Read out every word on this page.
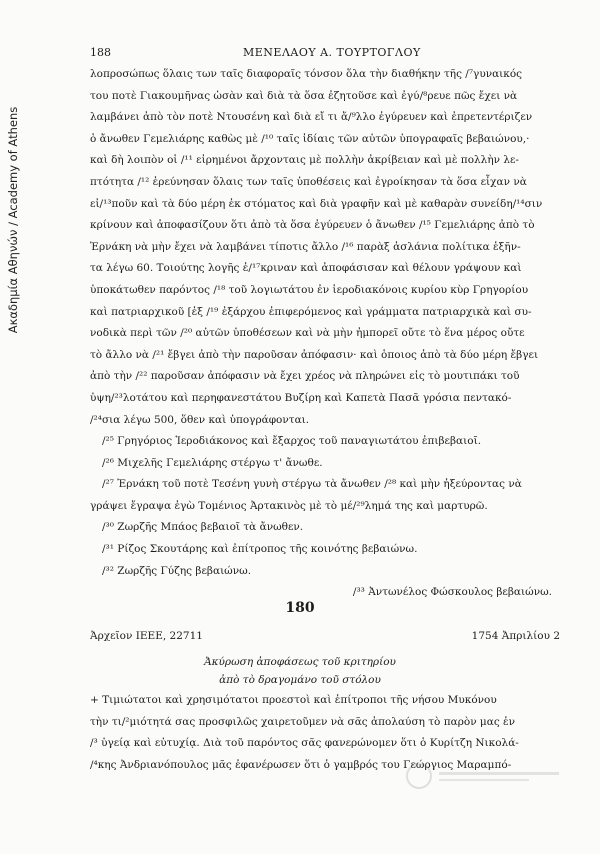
Ακαδημία Αθηνών / Academy of Athens
188	ΜΕΝΕΛΑΟΥ Α. ΤΟΥΡΤΟΓΛΟΥ
λοπροσώπως ὅλαις των ταῖς διαφοραῖς τόνσον ὅλα τὴν διαθήκην τῆς /⁷γυναικός
του ποτὲ Γιακουμῆνας ὡσὰν καὶ διὰ τὰ ὅσα ἐζητοῦσε καὶ ἐγύ/⁸ρευε πῶς ἔχει νὰ
λαμβάνει ἀπὸ τὸν ποτὲ Ντουσένη καὶ διὰ εἴ τι ἄ/⁹λλο ἐγύρευεν καὶ ἐπρετεντέριζεν
ὁ ἄνωθεν Γεμελιάρης καθὼς μὲ /¹⁰ ταῖς ἰδίαις τῶν αὐτῶν ὑπογραφαῖς βεβαιώνου,·
καὶ δὴ λοιπὸν οἱ /¹¹ εἰρημένοι ἄρχονταις μὲ πολλὴν ἀκρίβειαν καὶ μὲ πολλὴν λε-
πτότητα /¹² ἐρεύνησαν ὅλαις των ταῖς ὑποθέσεις καὶ ἐγροίκησαν τὰ ὅσα εἶχαν νὰ
εἰ/¹³ποῦν καὶ τὰ δύο μέρη ἐκ στόματος καὶ διὰ γραφῆν καὶ μὲ καθαρὰν συνείδη/¹⁴σιν
κρίνουν καὶ ἀποφασίζουν ὅτι ἀπὸ τὰ ὅσα ἐγύρευεν ὁ ἄνωθεν /¹⁵ Γεμελιάρης ἀπὸ τὸ
Ἐρνάκη νὰ μὴν ἔχει νὰ λαμβάνει τίποτις ἄλλο /¹⁶ παρὰξ ἀσλάνια πολίτικα ἑξῆν-
τα λέγω 60. Τοιούτης λογῆς ἐ/¹⁷κριναν καὶ ἀποφάσισαν καὶ θέλουν γράψουν καὶ
ὑποκάτωθεν παρόντος /¹⁸ τοῦ λογιωτάτου ἐν ἱεροδιακόνοις κυρίου κὺρ Γρηγορίου
καὶ πατριαρχικοῦ [ἐξ /¹⁹ ἐξάρχου ἐπιφερόμενος καὶ γράμματα πατριαρχικὰ καὶ συ-
νοδικὰ περὶ τῶν /²⁰ αὐτῶν ὑποθέσεων καὶ νὰ μὴν ἠμπορεῖ οὔτε τὸ ἕνα μέρος οὔτε
τὸ ἄλλο νὰ /²¹ ἔβγει ἀπὸ τὴν παροῦσαν ἀπόφασιν· καὶ ὁποιος ἀπὸ τὰ δύο μέρη ἔβγει
ἀπὸ τὴν /²² παροῦσαν ἀπόφασιν νὰ ἔχει χρέος νὰ πληρώνει εἰς τὸ μουτιπάκι τοῦ
ὑψη/²³λοτάτου καὶ περηφανεστάτου Βυζίρη καὶ Καπετὰ Πασᾶ γρόσια πεντακό-
/²⁴σια λέγω 500, ὅθεν καὶ ὑπογράφονται.
/²⁵ Γρηγόριος Ἱεροδιάκονος καὶ ἔξαρχος τοῦ παναγιωτάτου ἐπιβεβαιοῖ.
/²⁶ Μιχελῆς Γεμελιάρης στέργω τ' ἄνωθε.
/²⁷ Ἐρνάκη τοῦ ποτὲ Τεσένη γυνὴ στέργω τὰ ἄνωθεν /²⁸ καὶ μὴν ἠξεύροντας νὰ
γράψει ἔγραψα ἐγὼ Τομένιος Ἀρτακινὸς μὲ τὸ μέ/²⁹λημά της καὶ μαρτυρῶ.
/³⁰ Ζωρζῆς Μπάος βεβαιοῖ τὰ ἄνωθεν.
/³¹ Ρίζος Σκουτάρης καὶ ἐπίτροπος τῆς κοινότης βεβαιώνω.
/³² Ζωρζῆς Γύζης βεβαιώνω.
/³³ Ἀντωνέλος Φώσκουλος βεβαιώνω.
180
Ἀρχεῖον ΙΕΕΕ, 22711	1754 Ἀπριλίου 2
Ἀκύρωση ἀποφάσεως τοῦ κριτηρίου
ἀπὸ τὸ δραγομάνο τοῦ στόλου
+ Τιμιώτατοι καὶ χρησιμότατοι προεστοὶ καὶ ἐπίτροποι τῆς νήσου Μυκόνου
τὴν τι/²μιότητά σας προσφιλῶς χαιρετοῦμεν νὰ σᾶς ἀπολαύση τὸ παρὸν μας ἐν
/³ ὑγείᾳ καὶ εὐτυχίᾳ. Διὰ τοῦ παρόντος σᾶς φανερώνομεν ὅτι ὁ Κυρίτζη Νικολά-
/⁴κης Ἀνδριανόπουλος μᾶς ἐφανέρωσεν ὅτι ὁ γαμβρός του Γεώργιος Μαραμπό-
